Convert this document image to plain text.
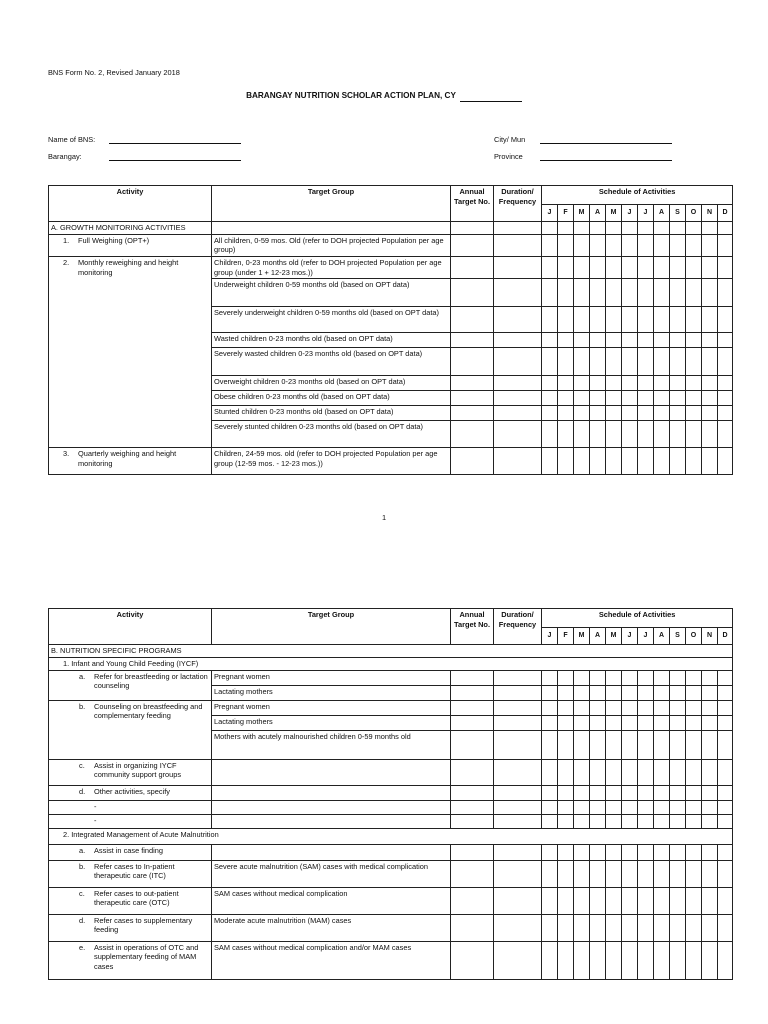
BNS Form No. 2, Revised January 2018
BARANGAY NUTRITION SCHOLAR ACTION PLAN, CY
Name of BNS:
Barangay:
City/ Mun
Province
Activity	Target Group	Annual Target No.	Duration/ Frequency	Schedule of Activities											
				J	F	M	A	M	J	J	A	S	O	N	D
A. GROWTH MONITORING ACTIVITIES															

1. Full Weighing (OPT+)	All children, 0-59 mos. Old (refer to DOH projected Population per age group)														

2. Monthly reweighing and height monitoring	Children, 0-23 months old (refer to DOH projected Population per age group (under 1 + 12-23 mos.))														
	Underweight children 0-59 months old (based on OPT data)														
	Severely underweight children 0-59 months old (based on OPT data)														
	Wasted children 0-23 months old (based on OPT data)														
	Severely wasted children 0-23 months old (based on OPT data)														
	Overweight children 0-23 months old (based on OPT data)														
	Obese children 0-23 months old (based on OPT data)														
	Stunted children 0-23 months old (based on OPT data)														
	Severely stunted children 0-23 months old (based on OPT data)														

3. Quarterly weighing and height monitoring	Children, 24-59 mos. old (refer to DOH projected Population per age group (12-59 mos. - 12-23 mos.))														
1
Activity	Target Group	Annual Target No.	Duration/ Frequency	Schedule of Activities											
				J	F	M	A	M	J	J	A	S	O	N	D
B. NUTRITION SPECIFIC PROGRAMS															
1. Infant and Young Child Feeding (IYCF)															

a. Refer for breastfeeding or lactation counseling	Pregnant women														
	Lactating mothers														

b. Counseling on breastfeeding and complementary feeding	Pregnant women														
	Lactating mothers														
	Mothers with acutely malnourished children 0-59 months old														

c. Assist in organizing IYCF community support groups															

d. Other activities, specify															

-															

-															

2. Integrated Management of Acute Malnutrition															

a. Assist in case finding															

b. Refer cases to In-patient therapeutic care (ITC)	Severe acute malnutrition (SAM) cases with medical complication														

c. Refer cases to out-patient therapeutic care (OTC)	SAM cases without medical complication														

d. Refer cases to supplementary feeding	Moderate acute malnutrition (MAM) cases														

e. Assist in operations of OTC and supplementary feeding of MAM cases	SAM cases without medical complication and/or MAM cases														
